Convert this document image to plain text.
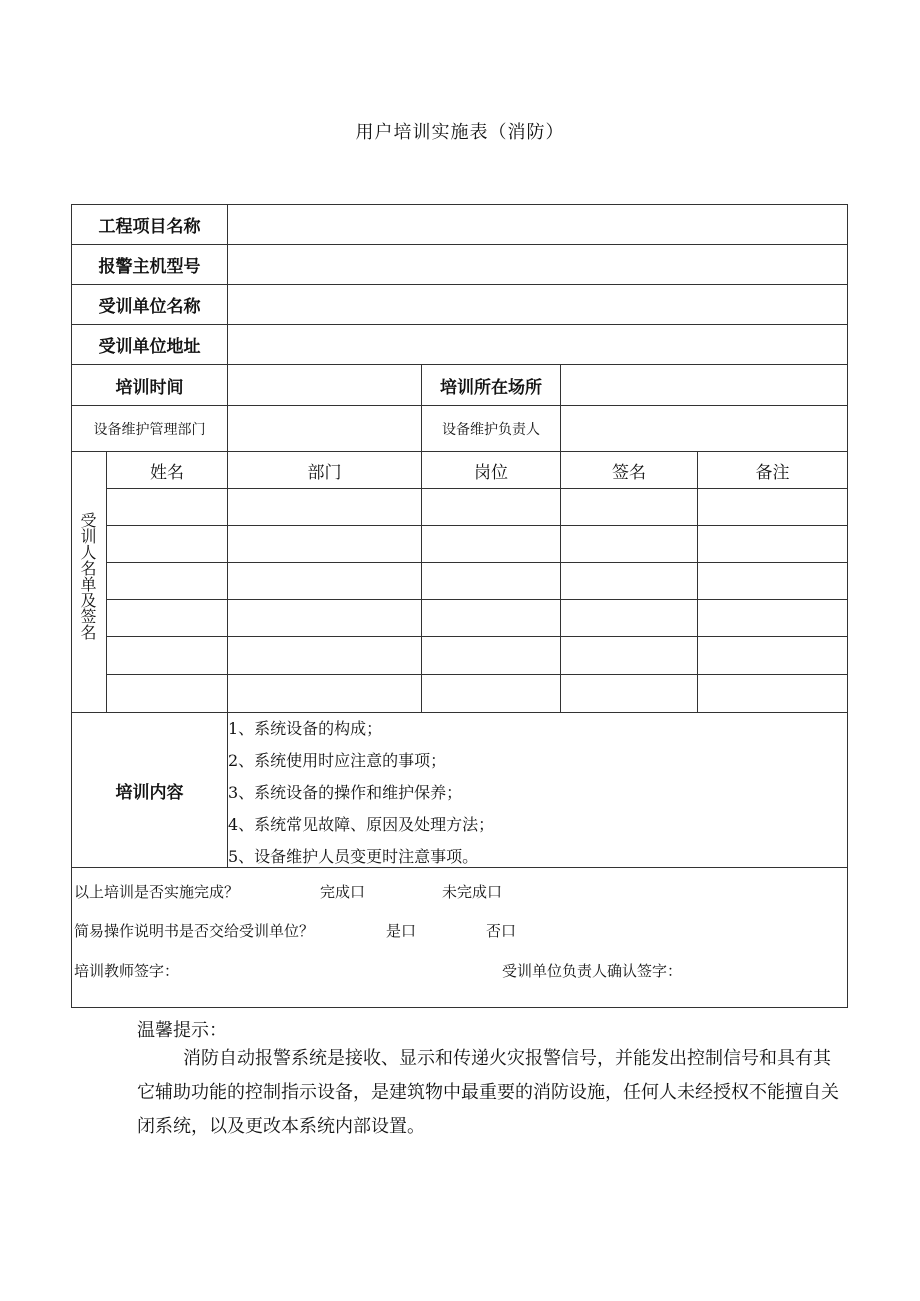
用户培训实施表（消防）
工程项目名称
报警主机型号
受训单位名称
受训单位地址
培训时间	培训所在场所
设备维护管理部门	设备维护负责人
受训人名单及签名
姓名	部门	岗位	签名	备注
培训内容
1、系统设备的构成；
2、系统使用时应注意的事项；
3、系统设备的操作和维护保养；
4、系统常见故障、原因及处理方法；
5、设备维护人员变更时注意事项。
以上培训是否实施完成？	完成口	未完成口
简易操作说明书是否交给受训单位？	是口	否口
培训教师签字：	受训单位负责人确认签字：
温馨提示：
消防自动报警系统是接收、显示和传递火灾报警信号，并能发出控制信号和具有其它辅助功能的控制指示设备，是建筑物中最重要的消防设施，任何人未经授权不能擅自关闭系统，以及更改本系统内部设置。
